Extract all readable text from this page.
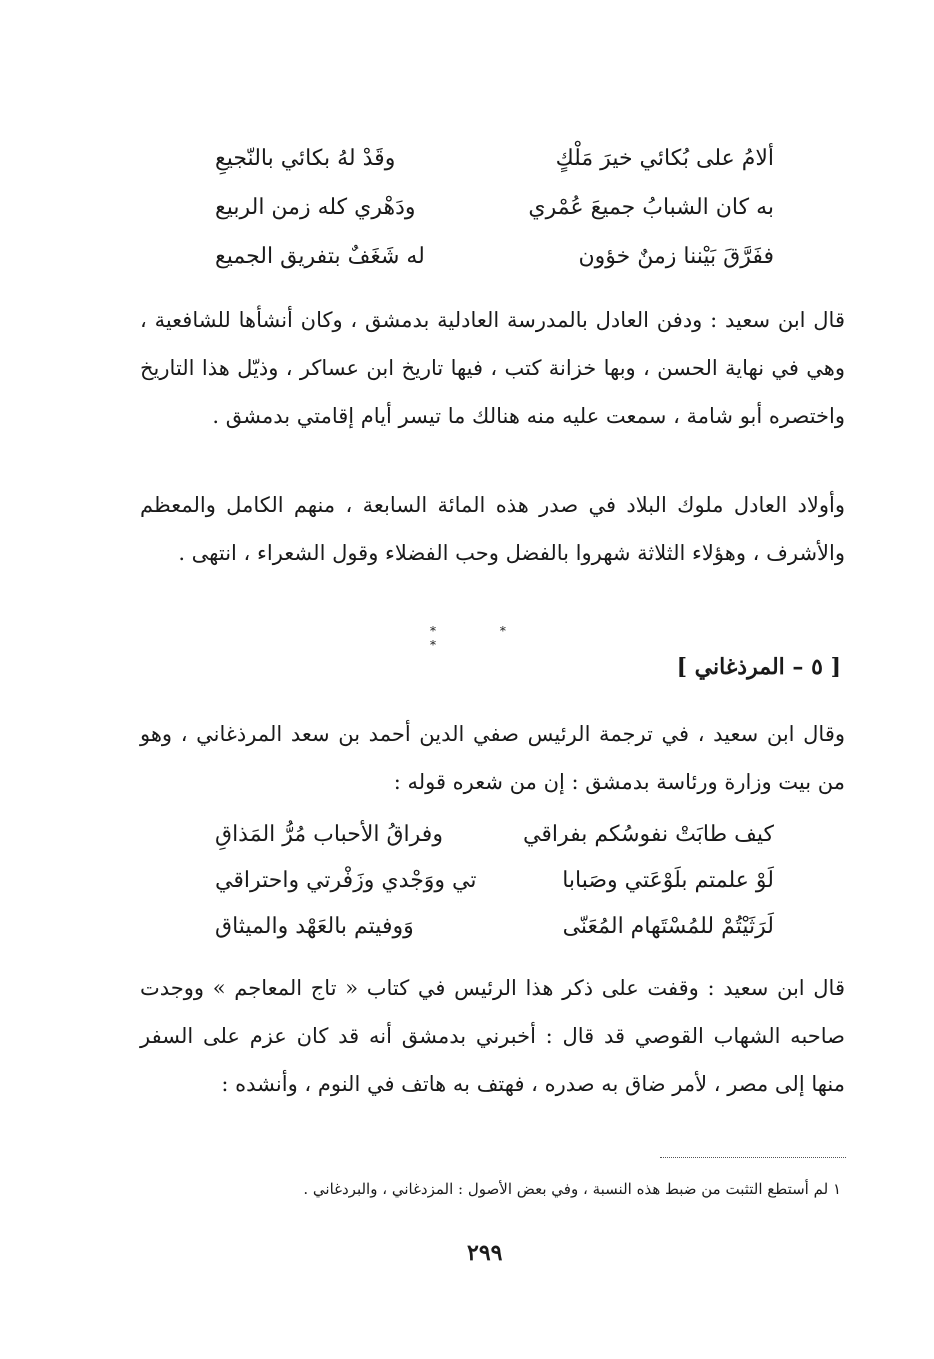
ألامُ على بُكائي خيرَ مَلْكٍ
وقَدْ لهُ بكائي بالنّجيعِ
به كان الشبابُ جميعَ عُمْري
ودَهْري كله زمن الربيع
ففَرَّقَ بَيْننا زمنٌ خؤون
له شَغَفٌ بتفريق الجميع
قال ابن سعيد : ودفن العادل بالمدرسة العادلية بدمشق ، وكان أنشأها للشافعية ، وهي في نهاية الحسن ، وبها خزانة كتب ، فيها تاريخ ابن عساكر ، وذيّل هذا التاريخ واختصره أبو شامة ، سمعت عليه منه هنالك ما تيسر أيام إقامتي بدمشق .
وأولاد العادل ملوك البلاد في صدر هذه المائة السابعة ، منهم الكامل والمعظم والأشرف ، وهؤلاء الثلاثة شهروا بالفضل وحب الفضلاء وقول الشعراء ، انتهى .
* * *
[ ٥ – المرذغاني ]
وقال ابن سعيد ، في ترجمة الرئيس صفي الدين أحمد بن سعد المرذغاني ، وهو من بيت وزارة ورئاسة بدمشق : إن من شعره قوله :
كيف طابَتْ نفوسُكم بفراقي
وفراقُ الأحباب مُرُّ المَذاقِ
لَوْ علمتم بلَوْعَتي وصَبابا
تي ووَجْدي وزَفْرتي واحتراقي
لَرَثَيْتُمْ للمُسْتَهام المُعَنّى
وَوفيتم بالعَهْد والميثاق
قال ابن سعيد : وقفت على ذكر هذا الرئيس في كتاب « تاج المعاجم » ووجدت صاحبه الشهاب القوصي قد قال : أخبرني بدمشق أنه قد كان عزم على السفر منها إلى مصر ، لأمر ضاق به صدره ، فهتف به هاتف في النوم ، وأنشده :
١ لم أستطع التثبت من ضبط هذه النسبة ، وفي بعض الأصول : المزدغاني ، والبردغاني .
٢٩٩
